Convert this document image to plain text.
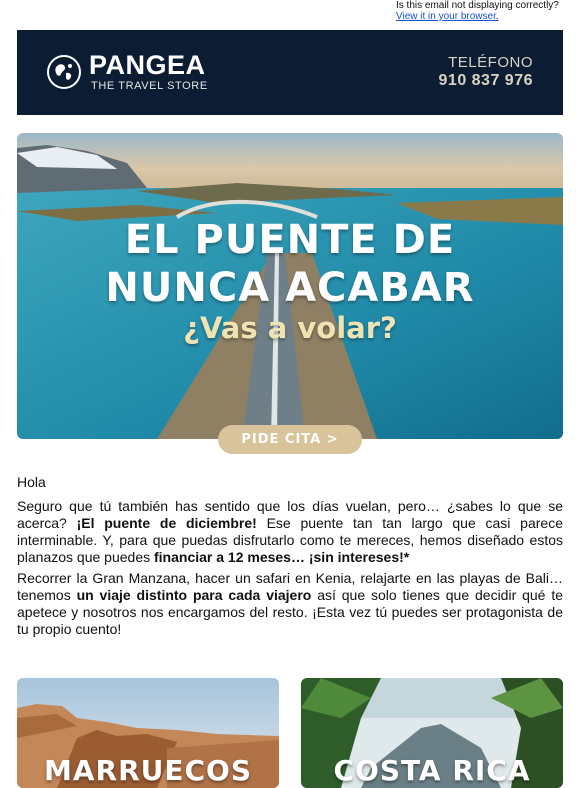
Is this email not displaying correctly?
View it in your browser.
PANGEA
THE TRAVEL STORE
TELÉFONO
910 837 976
EL PUENTE DE
NUNCA ACABAR
¿Vas a volar?
PIDE CITA >
Hola
Seguro que tú también has sentido que los días vuelan, pero… ¿sabes lo que se acerca? ¡El puente de diciembre! Ese puente tan tan largo que casi parece interminable. Y, para que puedas disfrutarlo como te mereces, hemos diseñado estos planazos que puedes financiar a 12 meses… ¡sin intereses!*
Recorrer la Gran Manzana, hacer un safari en Kenia, relajarte en las playas de Bali… tenemos un viaje distinto para cada viajero así que solo tienes que decidir qué te apetece y nosotros nos encargamos del resto. ¡Esta vez tú puedes ser protagonista de tu propio cuento!
MARRUECOS	COSTA RICA
